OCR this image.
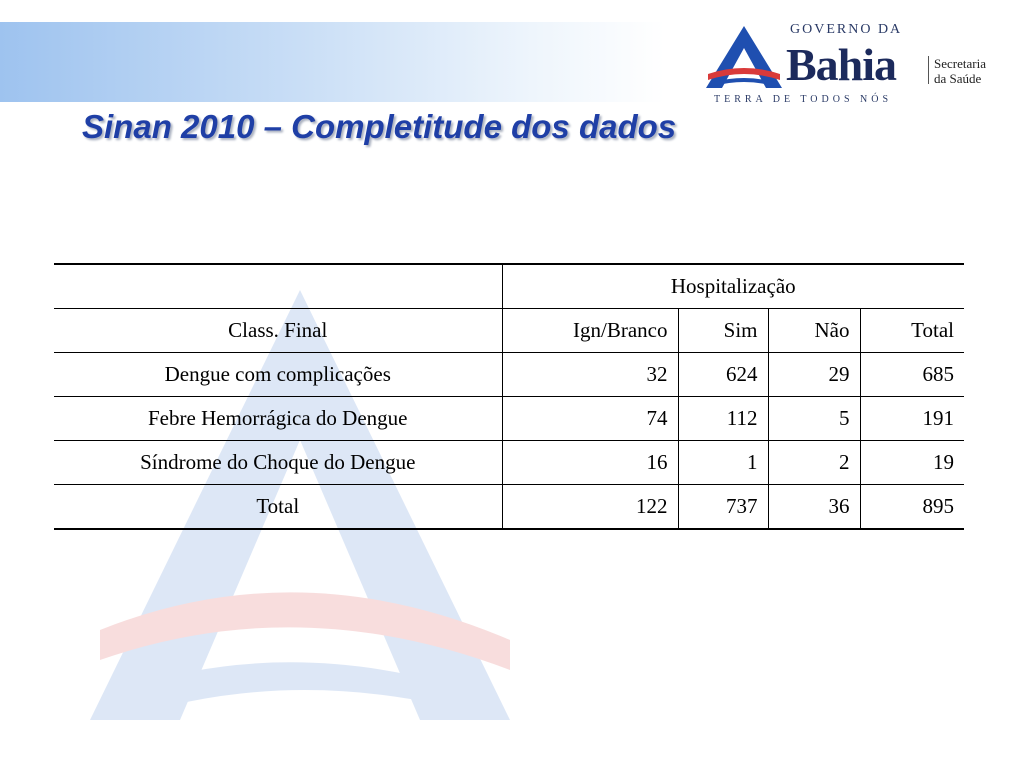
GOVERNO DA
Bahia
TERRA DE TODOS NÓS
Secretaria
da Saúde
Sinan 2010 – Completitude dos dados
	Hospitalização			
Class. Final	Ign/Branco	Sim	Não	Total
Dengue com complicações	32	624	29	685
Febre Hemorrágica do Dengue	74	112	5	191
Síndrome do Choque do Dengue	16	1	2	19
Total	122	737	36	895
